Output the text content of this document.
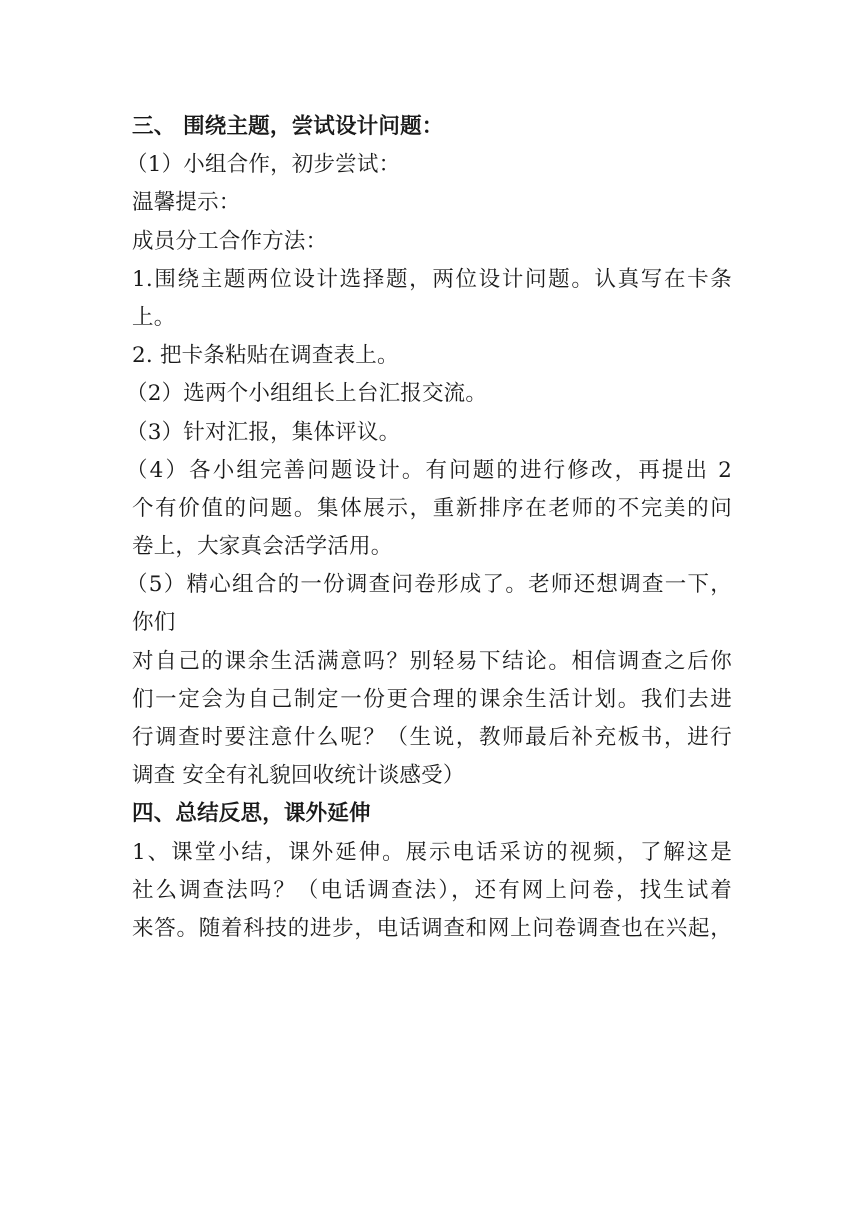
三、 围绕主题，尝试设计问题：
（1）小组合作，初步尝试：
温馨提示：
成员分工合作方法：
1.围绕主题两位设计选择题，两位设计问题。认真写在卡条
上。
2. 把卡条粘贴在调查表上。
（2）选两个小组组长上台汇报交流。
（3）针对汇报，集体评议。
（4）各小组完善问题设计。有问题的进行修改，再提出 2
个有价值的问题。集体展示，重新排序在老师的不完美的问
卷上，大家真会活学活用。
（5）精心组合的一份调查问卷形成了。老师还想调查一下，
你们
对自己的课余生活满意吗？别轻易下结论。相信调查之后你
们一定会为自己制定一份更合理的课余生活计划。我们去进
行调查时要注意什么呢？（生说，教师最后补充板书，进行
调查 安全有礼貌回收统计谈感受）
四、总结反思，课外延伸
1、课堂小结，课外延伸。展示电话采访的视频，了解这是
社么调查法吗？（电话调查法），还有网上问卷，找生试着
来答。随着科技的进步，电话调查和网上问卷调查也在兴起，
